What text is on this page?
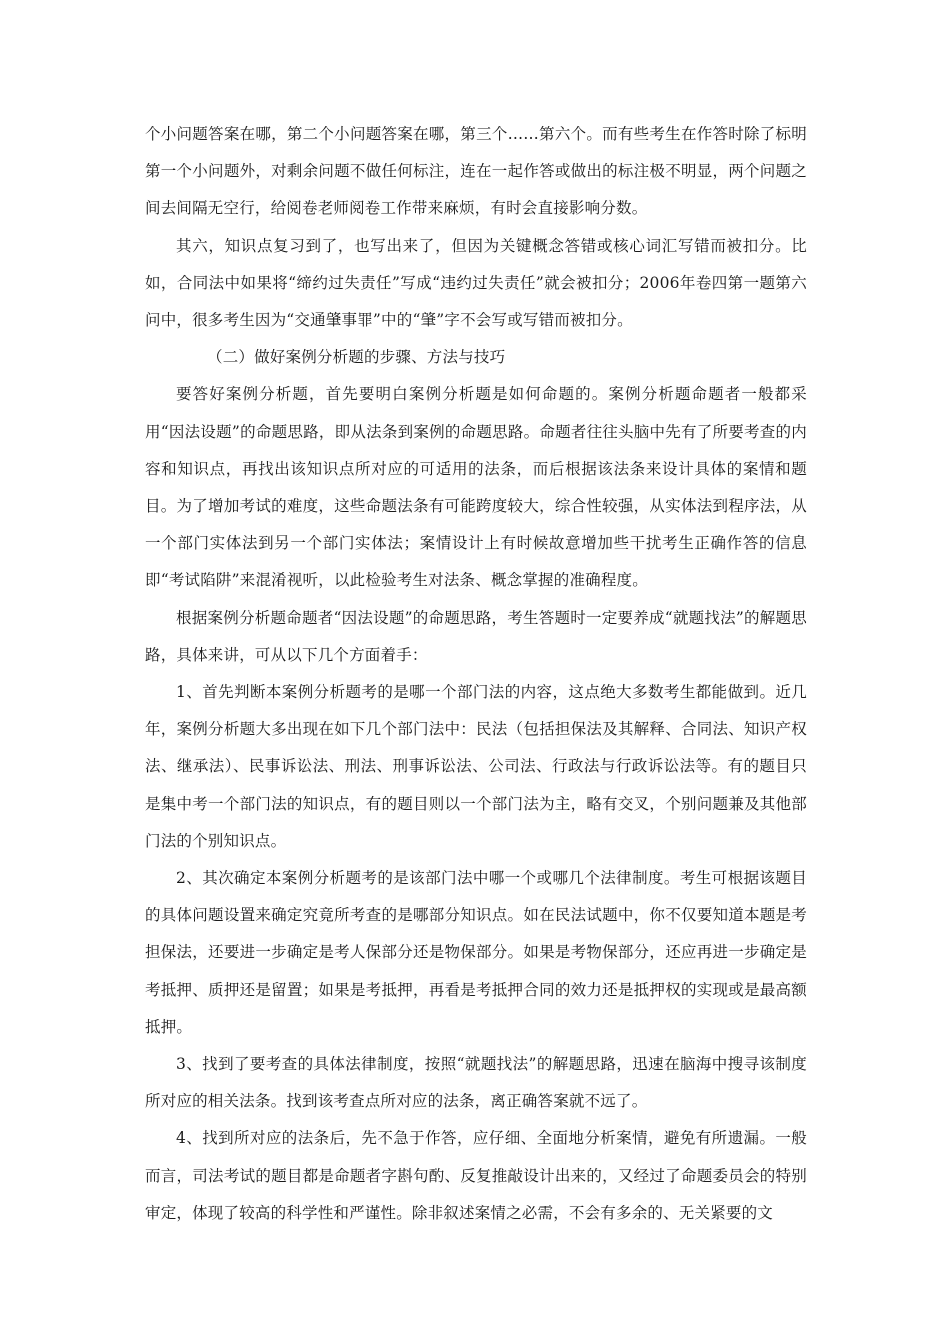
个小问题答案在哪，第二个小问题答案在哪，第三个……第六个。而有些考生在作答时除了标明第一个小问题外，对剩余问题不做任何标注，连在一起作答或做出的标注极不明显，两个问题之间去间隔无空行，给阅卷老师阅卷工作带来麻烦，有时会直接影响分数。

其六，知识点复习到了，也写出来了，但因为关键概念答错或核心词汇写错而被扣分。比如，合同法中如果将“缔约过失责任”写成“违约过失责任”就会被扣分；2006年卷四第一题第六问中，很多考生因为“交通肇事罪”中的“肇”字不会写或写错而被扣分。

（二）做好案例分析题的步骤、方法与技巧

要答好案例分析题，首先要明白案例分析题是如何命题的。案例分析题命题者一般都采用“因法设题”的命题思路，即从法条到案例的命题思路。命题者往往头脑中先有了所要考查的内容和知识点，再找出该知识点所对应的可适用的法条，而后根据该法条来设计具体的案情和题目。为了增加考试的难度，这些命题法条有可能跨度较大，综合性较强，从实体法到程序法，从一个部门实体法到另一个部门实体法；案情设计上有时候故意增加些干扰考生正确作答的信息即“考试陷阱”来混淆视听，以此检验考生对法条、概念掌握的准确程度。

根据案例分析题命题者“因法设题”的命题思路，考生答题时一定要养成“就题找法”的解题思路，具体来讲，可从以下几个方面着手：

1、首先判断本案例分析题考的是哪一个部门法的内容，这点绝大多数考生都能做到。近几年，案例分析题大多出现在如下几个部门法中：民法（包括担保法及其解释、合同法、知识产权法、继承法）、民事诉讼法、刑法、刑事诉讼法、公司法、行政法与行政诉讼法等。有的题目只是集中考一个部门法的知识点，有的题目则以一个部门法为主，略有交叉，个别问题兼及其他部门法的个别知识点。

2、其次确定本案例分析题考的是该部门法中哪一个或哪几个法律制度。考生可根据该题目的具体问题设置来确定究竟所考查的是哪部分知识点。如在民法试题中，你不仅要知道本题是考担保法，还要进一步确定是考人保部分还是物保部分。如果是考物保部分，还应再进一步确定是考抵押、质押还是留置；如果是考抵押，再看是考抵押合同的效力还是抵押权的实现或是最高额抵押。

3、找到了要考查的具体法律制度，按照“就题找法”的解题思路，迅速在脑海中搜寻该制度所对应的相关法条。找到该考查点所对应的法条，离正确答案就不远了。

4、找到所对应的法条后，先不急于作答，应仔细、全面地分析案情，避免有所遗漏。一般而言，司法考试的题目都是命题者字斟句酌、反复推敲设计出来的，又经过了命题委员会的特别审定，体现了较高的科学性和严谨性。除非叙述案情之必需，不会有多余的、无关紧要的文
